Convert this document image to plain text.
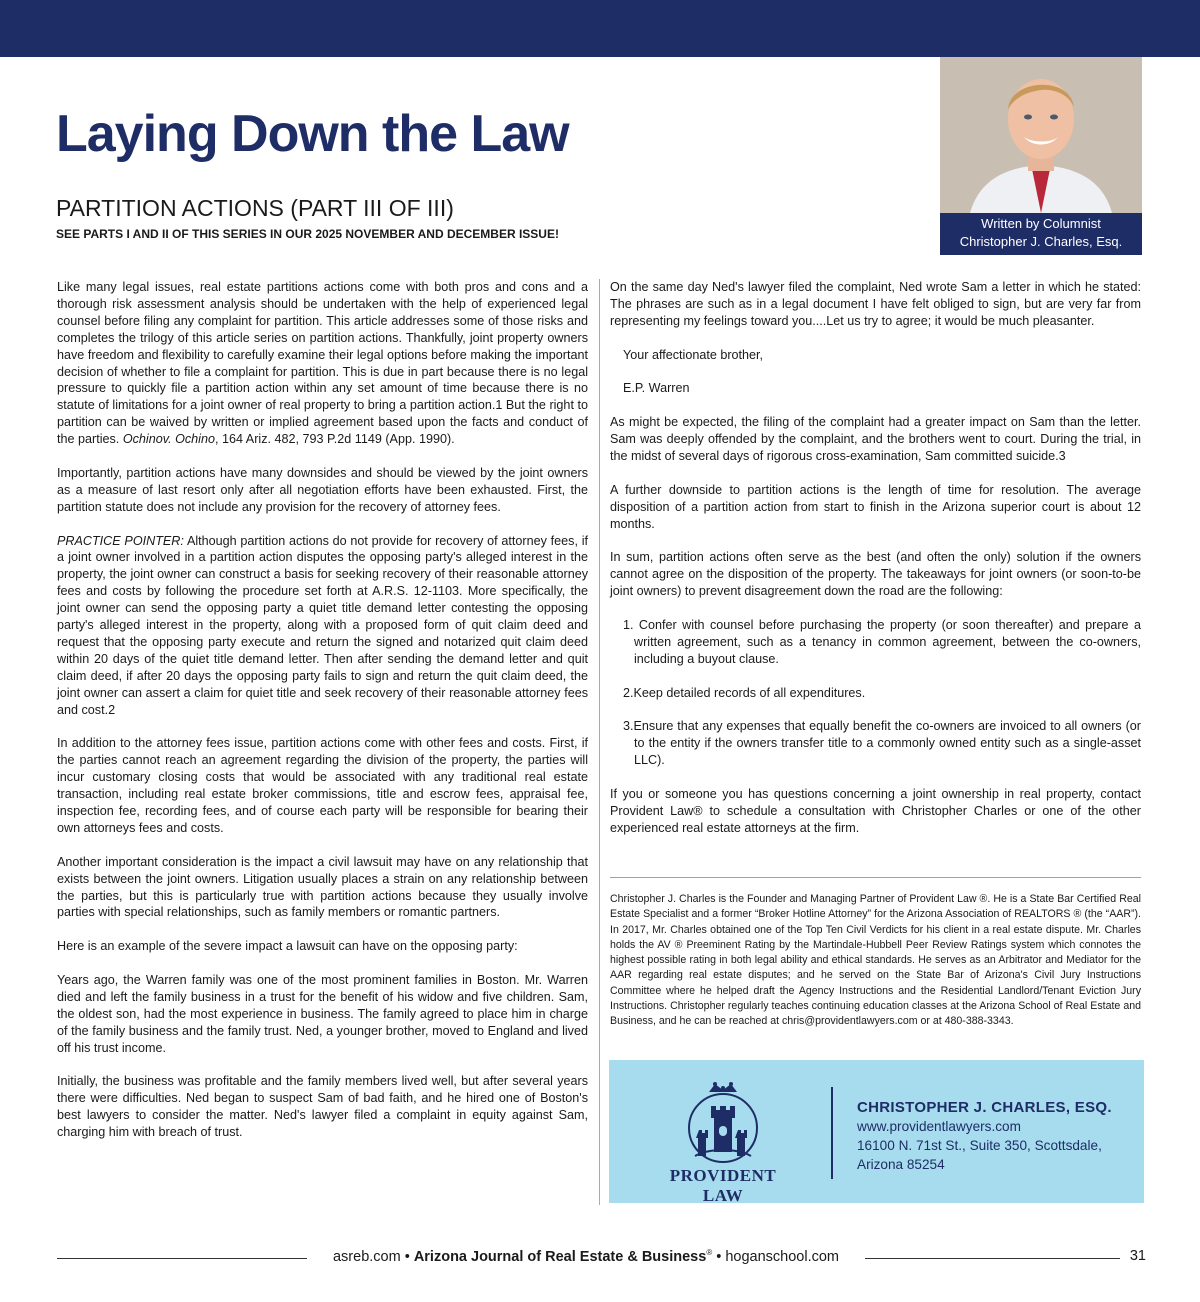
Laying Down the Law
PARTITION ACTIONS (PART III OF III)
SEE PARTS I AND II OF THIS SERIES IN OUR 2025 NOVEMBER AND DECEMBER ISSUE!
Written by Columnist
Christopher J. Charles, Esq.

Like many legal issues, real estate partitions actions come with both pros and cons and a thorough risk assessment analysis should be undertaken with the help of experienced legal counsel before filing any complaint for partition. This article addresses some of those risks and completes the trilogy of this article series on partition actions. Thankfully, joint property owners have freedom and flexibility to carefully examine their legal options before making the important decision of whether to file a complaint for partition. This is due in part because there is no legal pressure to quickly file a partition action within any set amount of time because there is no statute of limitations for a joint owner of real property to bring a partition action.1 But the right to partition can be waived by written or implied agreement based upon the facts and conduct of the parties. Ochinov. Ochino, 164 Ariz. 482, 793 P.2d 1149 (App. 1990).

Importantly, partition actions have many downsides and should be viewed by the joint owners as a measure of last resort only after all negotiation efforts have been exhausted. First, the partition statute does not include any provision for the recovery of attorney fees.

PRACTICE POINTER: Although partition actions do not provide for recovery of attorney fees, if a joint owner involved in a partition action disputes the opposing party's alleged interest in the property, the joint owner can construct a basis for seeking recovery of their reasonable attorney fees and costs by following the procedure set forth at A.R.S. 12-1103. More specifically, the joint owner can send the opposing party a quiet title demand letter contesting the opposing party's alleged interest in the property, along with a proposed form of quit claim deed and request that the opposing party execute and return the signed and notarized quit claim deed within 20 days of the quiet title demand letter. Then after sending the demand letter and quit claim deed, if after 20 days the opposing party fails to sign and return the quit claim deed, the joint owner can assert a claim for quiet title and seek recovery of their reasonable attorney fees and cost.2

In addition to the attorney fees issue, partition actions come with other fees and costs. First, if the parties cannot reach an agreement regarding the division of the property, the parties will incur customary closing costs that would be associated with any traditional real estate transaction, including real estate broker commissions, title and escrow fees, appraisal fee, inspection fee, recording fees, and of course each party will be responsible for bearing their own attorneys fees and costs.

Another important consideration is the impact a civil lawsuit may have on any relationship that exists between the joint owners. Litigation usually places a strain on any relationship between the parties, but this is particularly true with partition actions because they usually involve parties with special relationships, such as family members or romantic partners.

Here is an example of the severe impact a lawsuit can have on the opposing party:

Years ago, the Warren family was one of the most prominent families in Boston. Mr. Warren died and left the family business in a trust for the benefit of his widow and five children. Sam, the oldest son, had the most experience in business. The family agreed to place him in charge of the family business and the family trust. Ned, a younger brother, moved to England and lived off his trust income.

Initially, the business was profitable and the family members lived well, but after several years there were difficulties. Ned began to suspect Sam of bad faith, and he hired one of Boston's best lawyers to consider the matter. Ned's lawyer filed a complaint in equity against Sam, charging him with breach of trust.

On the same day Ned's lawyer filed the complaint, Ned wrote Sam a letter in which he stated: The phrases are such as in a legal document I have felt obliged to sign, but are very far from representing my feelings toward you....Let us try to agree; it would be much pleasanter.

Your affectionate brother,

E.P. Warren

As might be expected, the filing of the complaint had a greater impact on Sam than the letter. Sam was deeply offended by the complaint, and the brothers went to court. During the trial, in the midst of several days of rigorous cross-examination, Sam committed suicide.3

A further downside to partition actions is the length of time for resolution. The average disposition of a partition action from start to finish in the Arizona superior court is about 12 months.

In sum, partition actions often serve as the best (and often the only) solution if the owners cannot agree on the disposition of the property. The takeaways for joint owners (or soon-to-be joint owners) to prevent disagreement down the road are the following:

1. Confer with counsel before purchasing the property (or soon thereafter) and prepare a written agreement, such as a tenancy in common agreement, between the co-owners, including a buyout clause.
2.Keep detailed records of all expenditures.
3.Ensure that any expenses that equally benefit the co-owners are invoiced to all owners (or to the entity if the owners transfer title to a commonly owned entity such as a single-asset LLC).

If you or someone you has questions concerning a joint ownership in real property, contact Provident Law® to schedule a consultation with Christopher Charles or one of the other experienced real estate attorneys at the firm.

Christopher J. Charles is the Founder and Managing Partner of Provident Law ®. He is a State Bar Certified Real Estate Specialist and a former “Broker Hotline Attorney” for the Arizona Association of REALTORS ® (the “AAR”). In 2017, Mr. Charles obtained one of the Top Ten Civil Verdicts for his client in a real estate dispute. Mr. Charles holds the AV ® Preeminent Rating by the Martindale-Hubbell Peer Review Ratings system which connotes the highest possible rating in both legal ability and ethical standards. He serves as an Arbitrator and Mediator for the AAR regarding real estate disputes; and he served on the State Bar of Arizona's Civil Jury Instructions Committee where he helped draft the Agency Instructions and the Residential Landlord/Tenant Eviction Jury Instructions. Christopher regularly teaches continuing education classes at the Arizona School of Real Estate and Business, and he can be reached at chris@providentlawyers.com or at 480-388-3343.

PROVIDENT LAW
CHRISTOPHER J. CHARLES, ESQ.
www.providentlawyers.com
16100 N. 71st St., Suite 350, Scottsdale,
Arizona 85254
asreb.com • Arizona Journal of Real Estate & Business® • hoganschool.com	31
